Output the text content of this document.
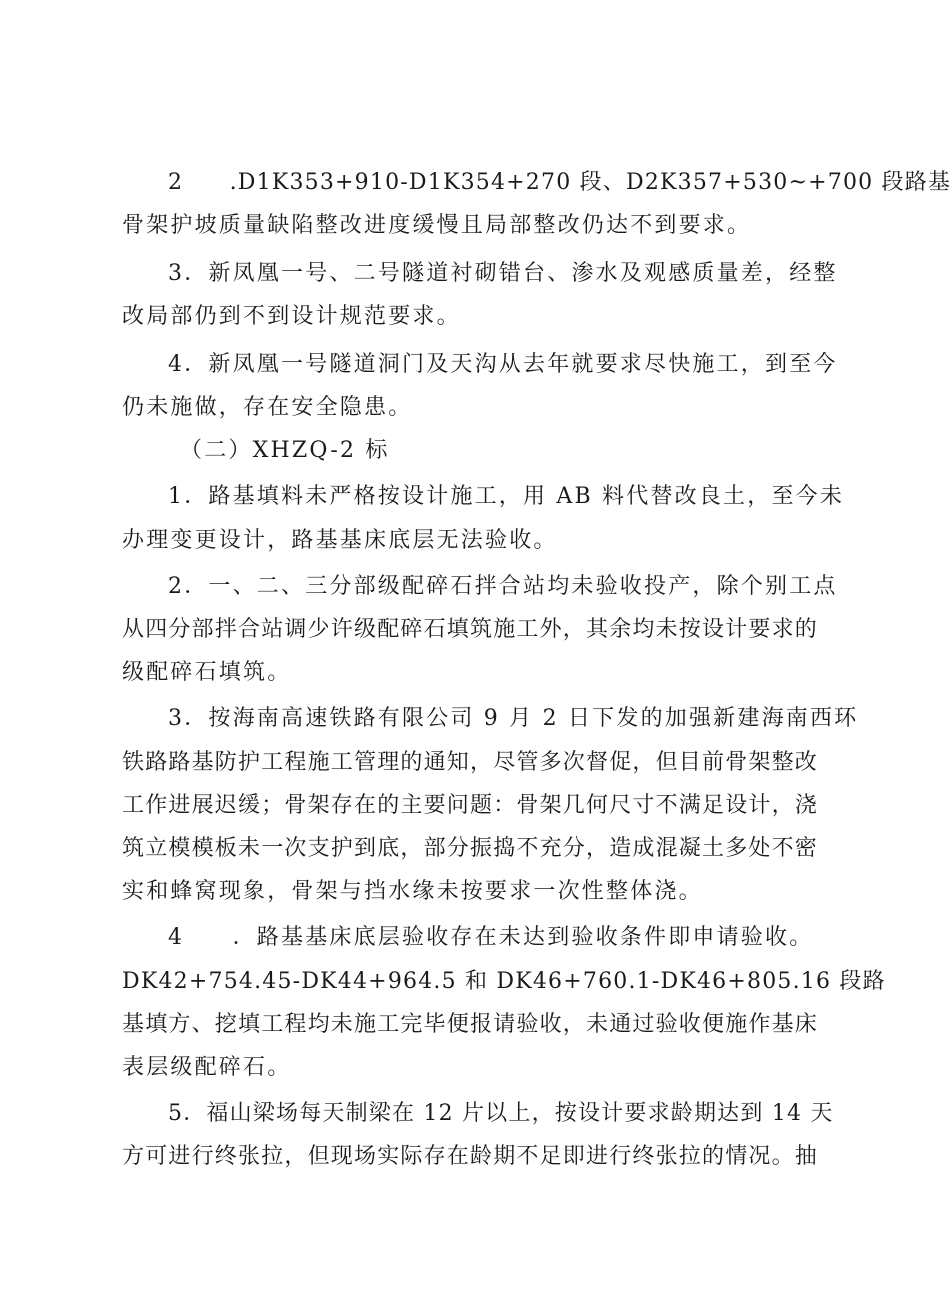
2　　.D1K353+910-D1K354+270 段、D2K357+530~+700 段路基
骨架护坡质量缺陷整改进度缓慢且局部整改仍达不到要求。
3．新凤凰一号、二号隧道衬砌错台、渗水及观感质量差，经整
改局部仍到不到设计规范要求。
4．新凤凰一号隧道洞门及天沟从去年就要求尽快施工，到至今
仍未施做，存在安全隐患。
（二）XHZQ-2 标
1．路基填料未严格按设计施工，用 AB 料代替改良土，至今未
办理变更设计，路基基床底层无法验收。
2．一、二、三分部级配碎石拌合站均未验收投产，除个别工点
从四分部拌合站调少许级配碎石填筑施工外，其余均未按设计要求的
级配碎石填筑。
3．按海南高速铁路有限公司 9 月 2 日下发的加强新建海南西环
铁路路基防护工程施工管理的通知，尽管多次督促，但目前骨架整改
工作进展迟缓；骨架存在的主要问题：骨架几何尺寸不满足设计，浇
筑立模模板未一次支护到底，部分振捣不充分，造成混凝土多处不密
实和蜂窝现象，骨架与挡水缘未按要求一次性整体浇。
4　　．路基基床底层验收存在未达到验收条件即申请验收。
DK42+754.45-DK44+964.5 和 DK46+760.1-DK46+805.16 段路
基填方、挖填工程均未施工完毕便报请验收，未通过验收便施作基床
表层级配碎石。
5．福山梁场每天制梁在 12 片以上，按设计要求龄期达到 14 天
方可进行终张拉，但现场实际存在龄期不足即进行终张拉的情况。抽
